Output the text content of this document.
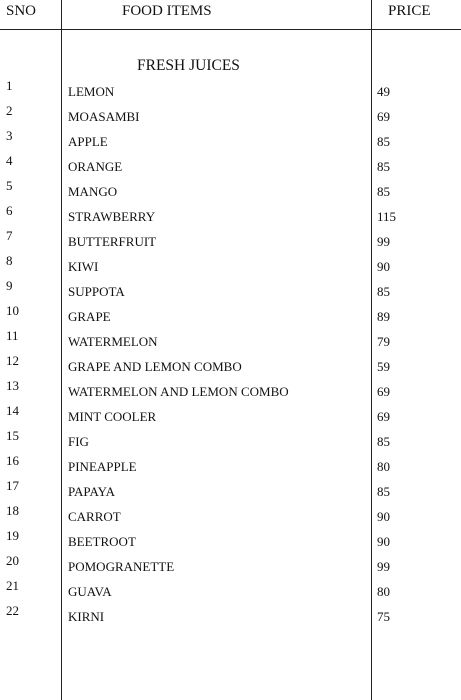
SNO	FOOD ITEMS	PRICE
FRESH JUICES
1	LEMON	49
2	MOASAMBI	69
3	APPLE	85
4	ORANGE	85
5	MANGO	85
6	STRAWBERRY	115
7	BUTTERFRUIT	99
8	KIWI	90
9	SUPPOTA	85
10	GRAPE	89
11	WATERMELON	79
12	GRAPE AND LEMON COMBO	59
13	WATERMELON AND LEMON COMBO	69
14	MINT COOLER	69
15	FIG	85
16	PINEAPPLE	80
17	PAPAYA	85
18	CARROT	90
19	BEETROOT	90
20	POMOGRANETTE	99
21	GUAVA	80
22	KIRNI	75
